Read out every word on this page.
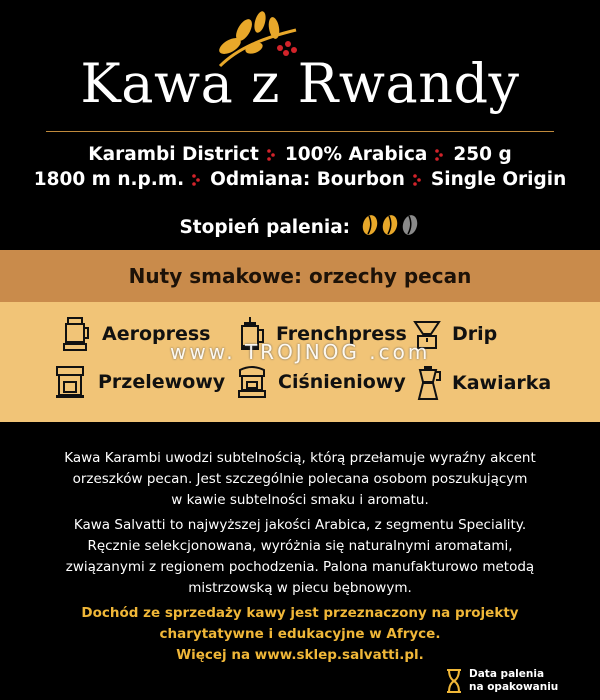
Kawa z Rwandy
Karambi District 100% Arabica 250 g
1800 m n.p.m. Odmiana: Bourbon Single Origin
Stopień palenia:
Nuty smakowe: orzechy pecan
Aeropress	Frenchpress Drip
Przelewowy	Ciśnieniowy Kawiarka
www. TROJNOG .com
Kawa Karambi uwodzi subtelnością, którą przełamuje wyraźny akcent
orzeszków pecan. Jest szczególnie polecana osobom poszukującym
w kawie subtelności smaku i aromatu.
Kawa Salvatti to najwyższej jakości Arabica, z segmentu Speciality.
Ręcznie selekcjonowana, wyróżnia się naturalnymi aromatami,
związanymi z regionem pochodzenia. Palona manufakturowo metodą
mistrzowską w piecu bębnowym.
Dochód ze sprzedaży kawy jest przeznaczony na projekty
charytatywne i edukacyjne w Afryce.
Więcej na www.sklep.salvatti.pl.
Data palenia
na opakowaniu
